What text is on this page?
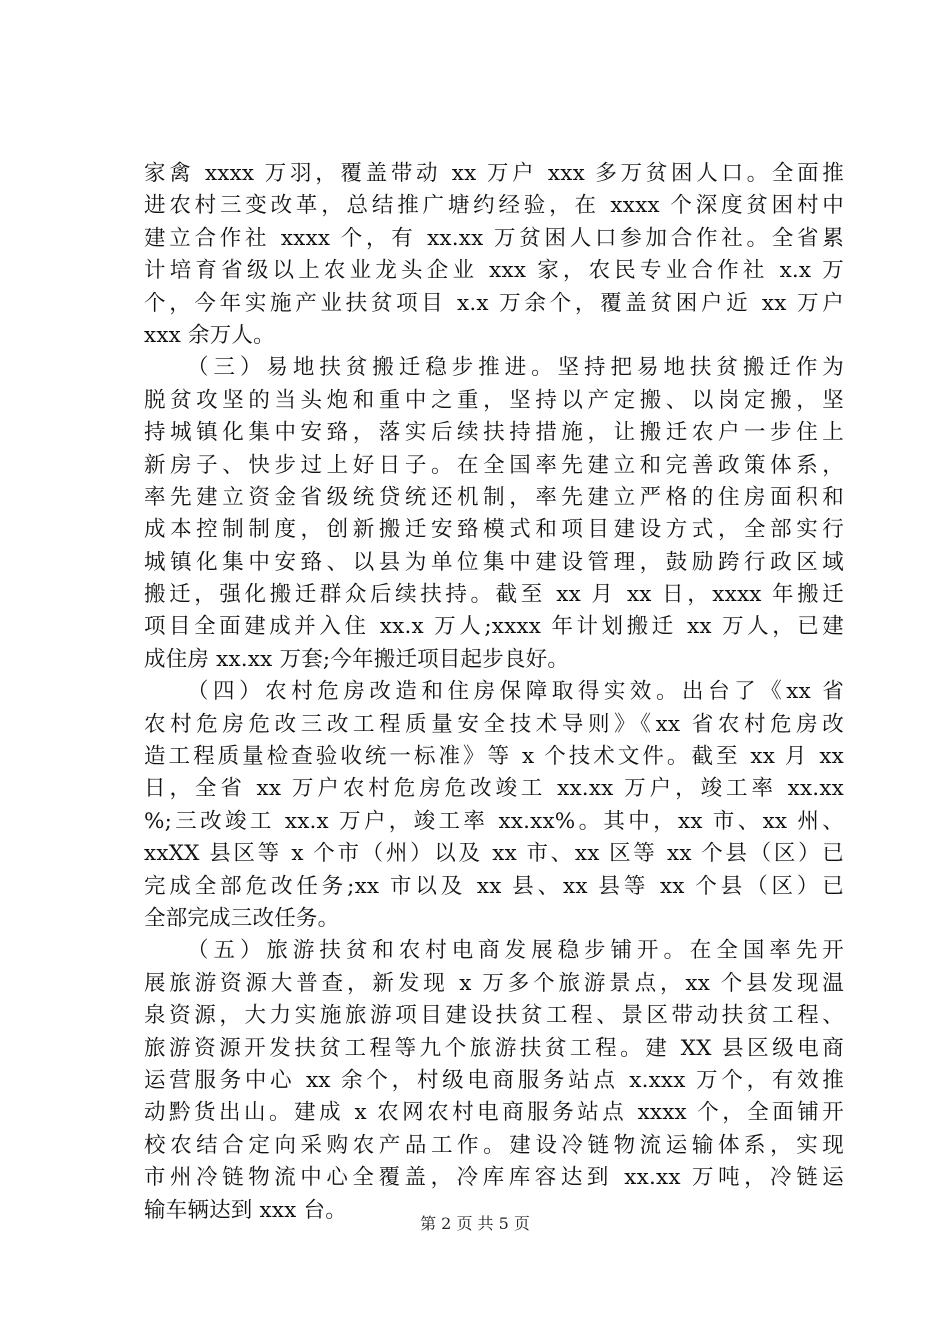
家禽 xxxx 万羽，覆盖带动 xx 万户 xxx 多万贫困人口。全面推
进农村三变改革，总结推广塘约经验，在 xxxx 个深度贫困村中
建立合作社 xxxx 个，有 xx.xx 万贫困人口参加合作社。全省累
计培育省级以上农业龙头企业 xxx 家，农民专业合作社 x.x 万
个，今年实施产业扶贫项目 x.x 万余个，覆盖贫困户近 xx 万户
xxx 余万人。
（三）易地扶贫搬迁稳步推进。坚持把易地扶贫搬迁作为
脱贫攻坚的当头炮和重中之重，坚持以产定搬、以岗定搬，坚
持城镇化集中安臵，落实后续扶持措施，让搬迁农户一步住上
新房子、快步过上好日子。在全国率先建立和完善政策体系，
率先建立资金省级统贷统还机制，率先建立严格的住房面积和
成本控制制度，创新搬迁安臵模式和项目建设方式，全部实行
城镇化集中安臵、以县为单位集中建设管理，鼓励跨行政区域
搬迁，强化搬迁群众后续扶持。截至 xx 月 xx 日，xxxx 年搬迁
项目全面建成并入住 xx.x 万人;xxxx 年计划搬迁 xx 万人，已建
成住房 xx.xx 万套;今年搬迁项目起步良好。
（四）农村危房改造和住房保障取得实效。出台了《xx 省
农村危房危改三改工程质量安全技术导则》《xx 省农村危房改
造工程质量检查验收统一标准》等 x 个技术文件。截至 xx 月 xx
日，全省 xx 万户农村危房危改竣工 xx.xx 万户，竣工率 xx.xx
%;三改竣工 xx.x 万户，竣工率 xx.xx%。其中，xx 市、xx 州、
xxXX 县区等 x 个市（州）以及 xx 市、xx 区等 xx 个县（区）已
完成全部危改任务;xx 市以及 xx 县、xx 县等 xx 个县（区）已
全部完成三改任务。
（五）旅游扶贫和农村电商发展稳步铺开。在全国率先开
展旅游资源大普查，新发现 x 万多个旅游景点，xx 个县发现温
泉资源，大力实施旅游项目建设扶贫工程、景区带动扶贫工程、
旅游资源开发扶贫工程等九个旅游扶贫工程。建 XX 县区级电商
运营服务中心 xx 余个，村级电商服务站点 x.xxx 万个，有效推
动黔货出山。建成 x 农网农村电商服务站点 xxxx 个，全面铺开
校农结合定向采购农产品工作。建设冷链物流运输体系，实现
市州冷链物流中心全覆盖，冷库库容达到 xx.xx 万吨，冷链运
输车辆达到 xxx 台。
第 2 页 共 5 页
